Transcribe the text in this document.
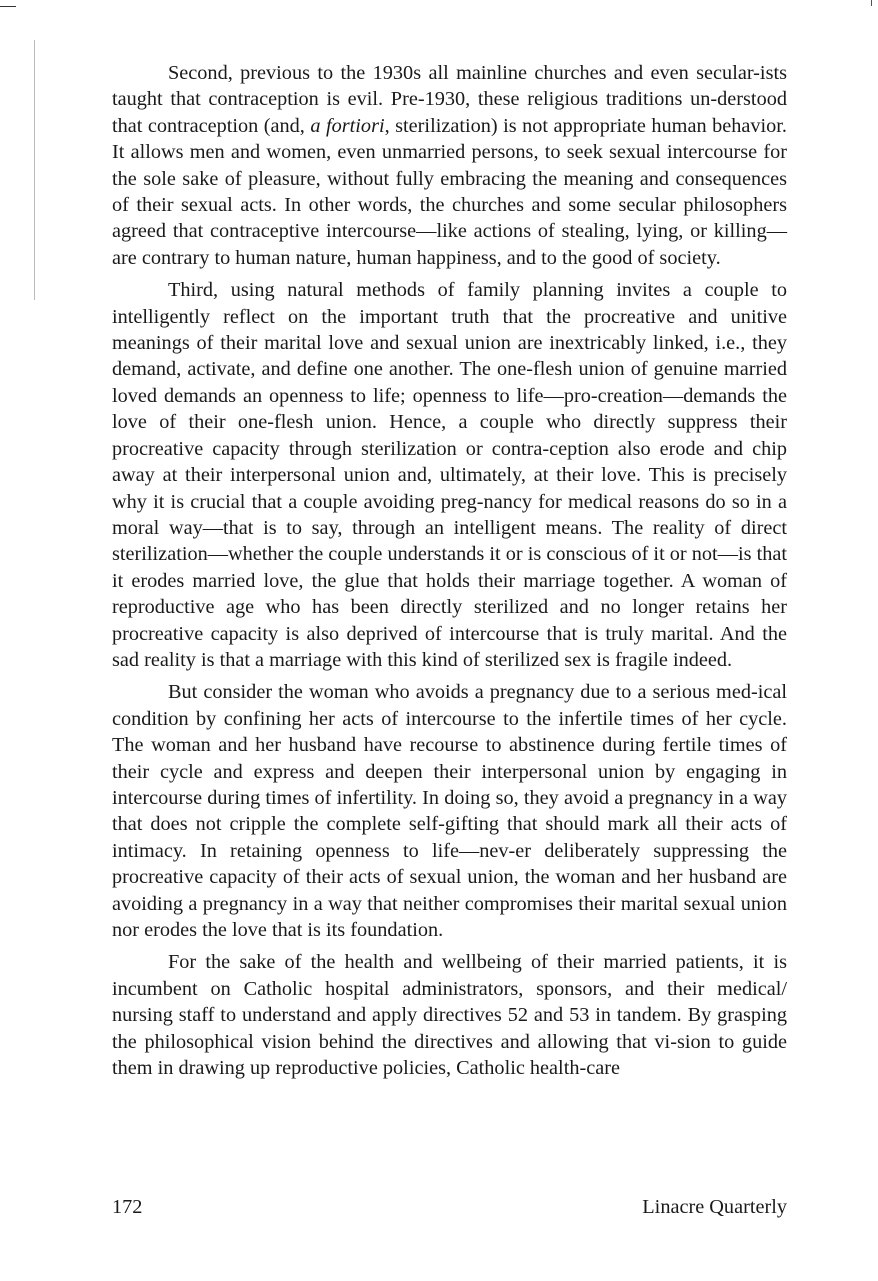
Second, previous to the 1930s all mainline churches and even secular-ists taught that contraception is evil. Pre-1930, these religious traditions un-derstood that contraception (and, a fortiori, sterilization) is not appropriate human behavior. It allows men and women, even unmarried persons, to seek sexual intercourse for the sole sake of pleasure, without fully embracing the meaning and consequences of their sexual acts. In other words, the churches and some secular philosophers agreed that contraceptive intercourse—like actions of stealing, lying, or killing—are contrary to human nature, human happiness, and to the good of society.

Third, using natural methods of family planning invites a couple to intelligently reflect on the important truth that the procreative and unitive meanings of their marital love and sexual union are inextricably linked, i.e., they demand, activate, and define one another. The one-flesh union of genuine married loved demands an openness to life; openness to life—pro-creation—demands the love of their one-flesh union. Hence, a couple who directly suppress their procreative capacity through sterilization or contra-ception also erode and chip away at their interpersonal union and, ultimately, at their love. This is precisely why it is crucial that a couple avoiding preg-nancy for medical reasons do so in a moral way—that is to say, through an intelligent means. The reality of direct sterilization—whether the couple understands it or is conscious of it or not—is that it erodes married love, the glue that holds their marriage together. A woman of reproductive age who has been directly sterilized and no longer retains her procreative capacity is also deprived of intercourse that is truly marital. And the sad reality is that a marriage with this kind of sterilized sex is fragile indeed.

But consider the woman who avoids a pregnancy due to a serious med-ical condition by confining her acts of intercourse to the infertile times of her cycle. The woman and her husband have recourse to abstinence during fertile times of their cycle and express and deepen their interpersonal union by engaging in intercourse during times of infertility. In doing so, they avoid a pregnancy in a way that does not cripple the complete self-gifting that should mark all their acts of intimacy. In retaining openness to life—nev-er deliberately suppressing the procreative capacity of their acts of sexual union, the woman and her husband are avoiding a pregnancy in a way that neither compromises their marital sexual union nor erodes the love that is its foundation.

For the sake of the health and wellbeing of their married patients, it is incumbent on Catholic hospital administrators, sponsors, and their medical/ nursing staff to understand and apply directives 52 and 53 in tandem. By grasping the philosophical vision behind the directives and allowing that vi-sion to guide them in drawing up reproductive policies, Catholic health-care

172	Linacre Quarterly
